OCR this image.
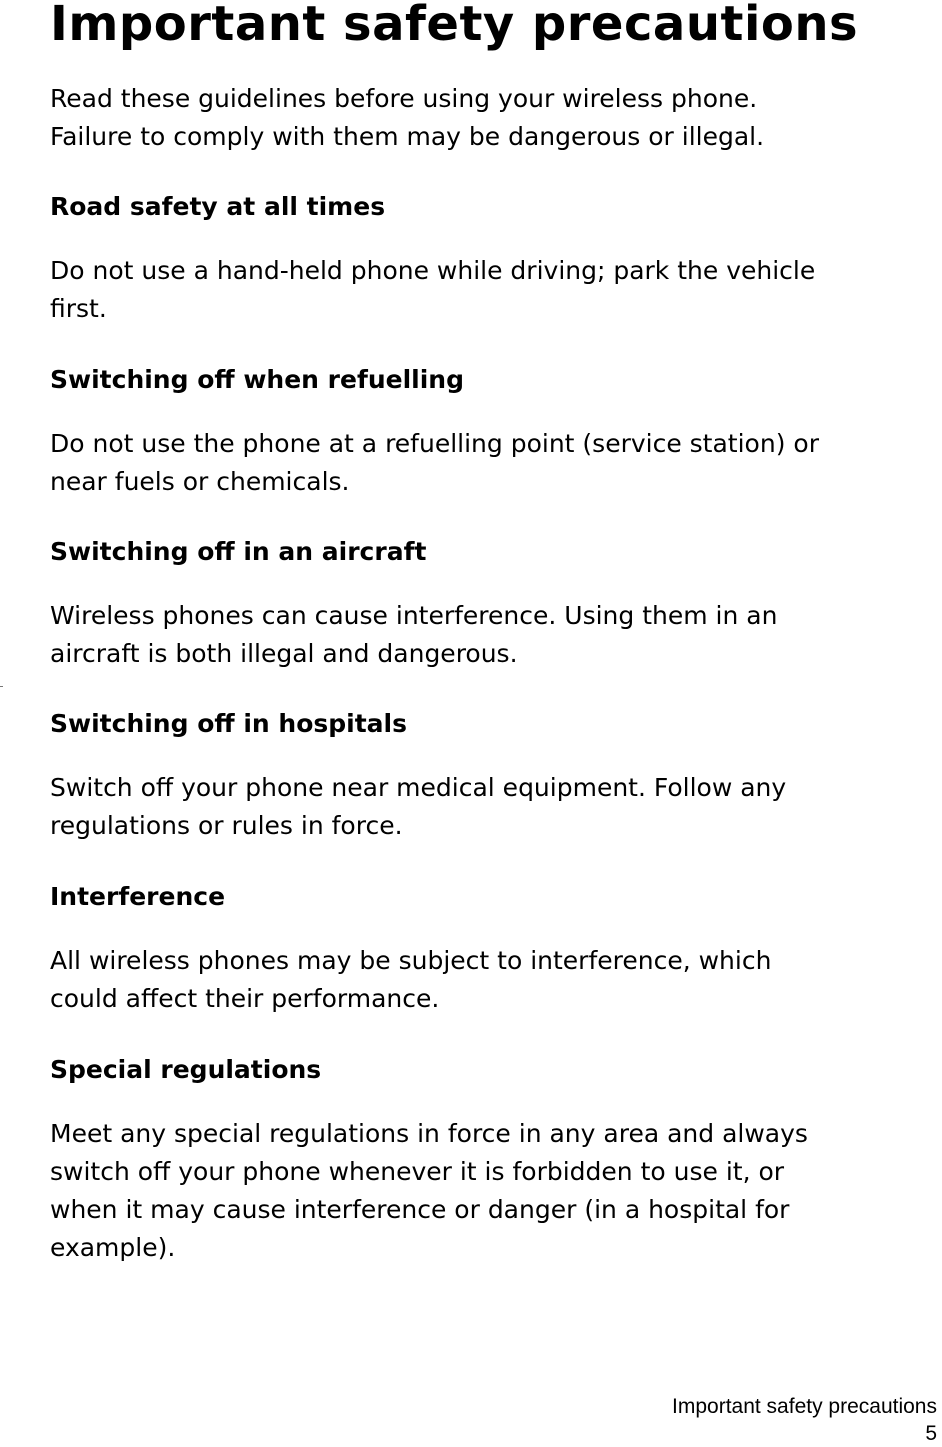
Important safety precautions

Read these guidelines before using your wireless phone.
Failure to comply with them may be dangerous or illegal.

Road safety at all times

Do not use a hand-held phone while driving; park the vehicle
first.

Switching off when refuelling

Do not use the phone at a refuelling point (service station) or
near fuels or chemicals.

Switching off in an aircraft

Wireless phones can cause interference. Using them in an
aircraft is both illegal and dangerous.

Switching off in hospitals

Switch off your phone near medical equipment. Follow any
regulations or rules in force.

Interference

All wireless phones may be subject to interference, which
could affect their performance.

Special regulations

Meet any special regulations in force in any area and always
switch off your phone whenever it is forbidden to use it, or
when it may cause interference or danger (in a hospital for
example).

Important safety precautions
5
